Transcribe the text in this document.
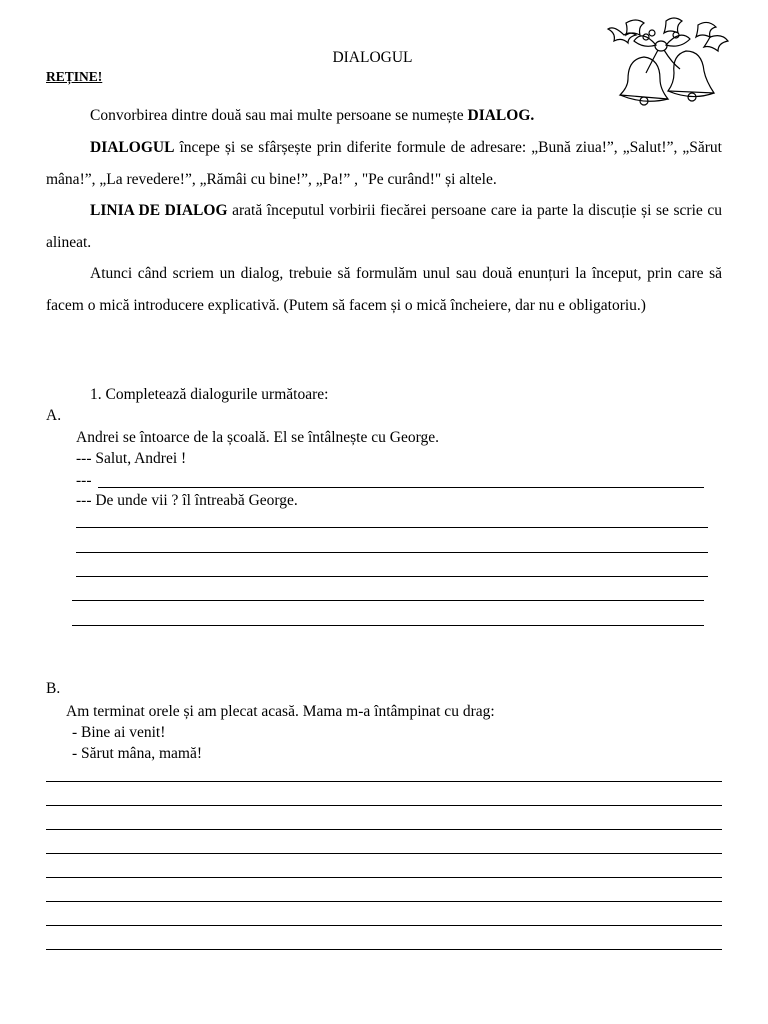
DIALOGUL
REȚINE!
Convorbirea dintre două sau mai multe persoane se numește DIALOG.
DIALOGUL începe și se sfârșește prin diferite formule de adresare: „Bună ziua!”, „Salut!”, „Sărut mâna!”, „La revedere!”, „Rămâi cu bine!”, „Pa!” , "Pe curând!" și altele.
LINIA DE DIALOG arată începutul vorbirii fiecărei persoane care ia parte la discuție și se scrie cu alineat.
Atunci când scriem un dialog, trebuie să formulăm unul sau două enunțuri la început, prin care să facem o mică introducere explicativă. (Putem să facem și o mică încheiere, dar nu e obligatoriu.)
1. Completează dialogurile următoare:
A.
Andrei se întoarce de la școală. El se întâlnește cu George.
--- Salut, Andrei !
---
--- De unde vii ? îl întreabă George.
B.
Am terminat orele și am plecat acasă. Mama m-a întâmpinat cu drag:
- Bine ai venit!
- Sărut mâna, mamă!
